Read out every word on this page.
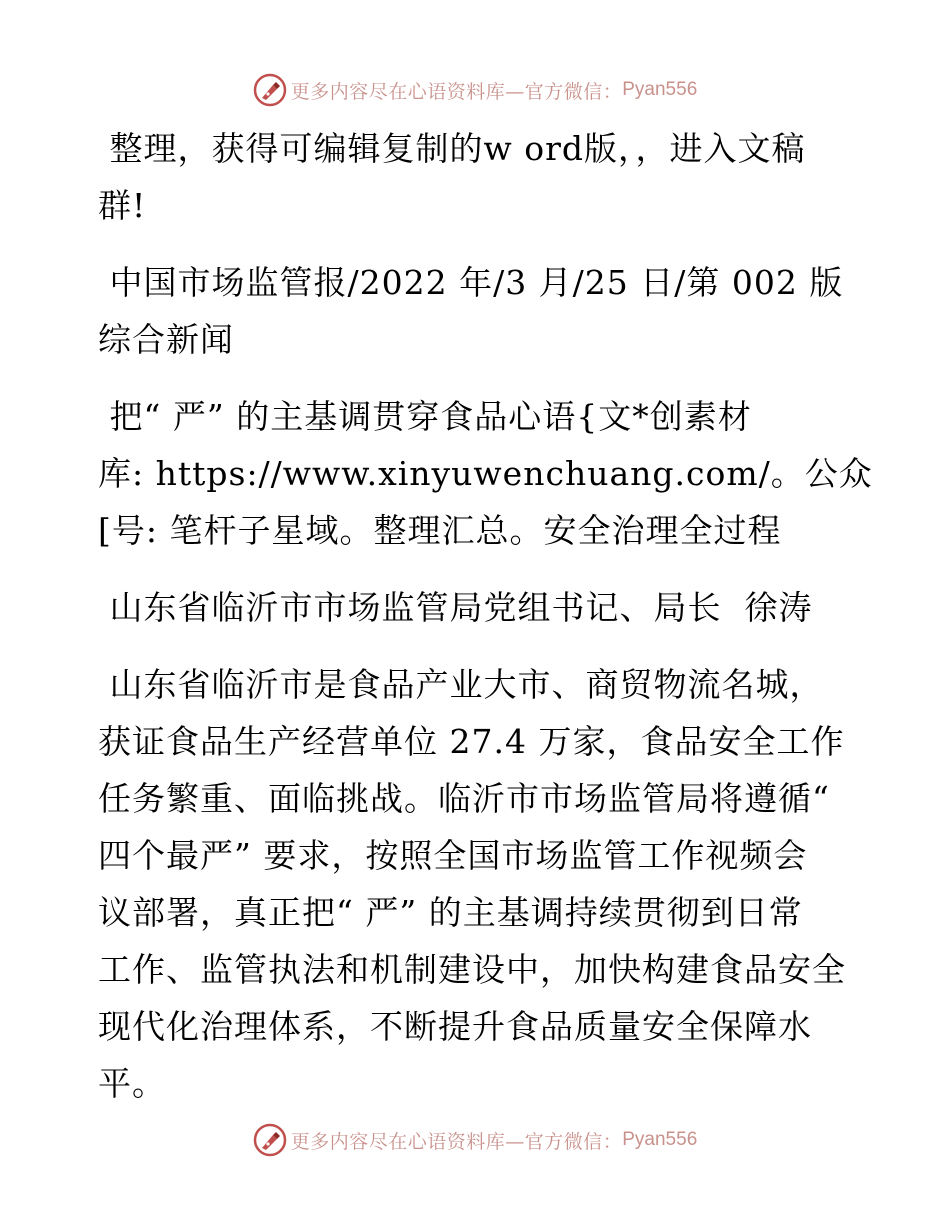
更多内容尽在心语资料库—官方微信： Pyan556

整理，获得可编辑复制的w ord版，，进入文稿
群!

中国市场监管报/2022 年/3 月/25 日/第 002 版
综合新闻

把“ 严” 的主基调贯穿食品心语{文*创素材
库: https://www.xinyuwenchuang.com/。公众
[号: 笔杆子星域。整理汇总。安全治理全过程

山东省临沂市市场监管局党组书记、局长  徐涛

山东省临沂市是食品产业大市、商贸物流名城，
获证食品生产经营单位 27.4 万家，食品安全工作
任务繁重、面临挑战。临沂市市场监管局将遵循“
四个最严” 要求，按照全国市场监管工作视频会
议部署，真正把“ 严” 的主基调持续贯彻到日常
工作、监管执法和机制建设中，加快构建食品安全
现代化治理体系，不断提升食品质量安全保障水
平。

更多内容尽在心语资料库—官方微信： Pyan556
